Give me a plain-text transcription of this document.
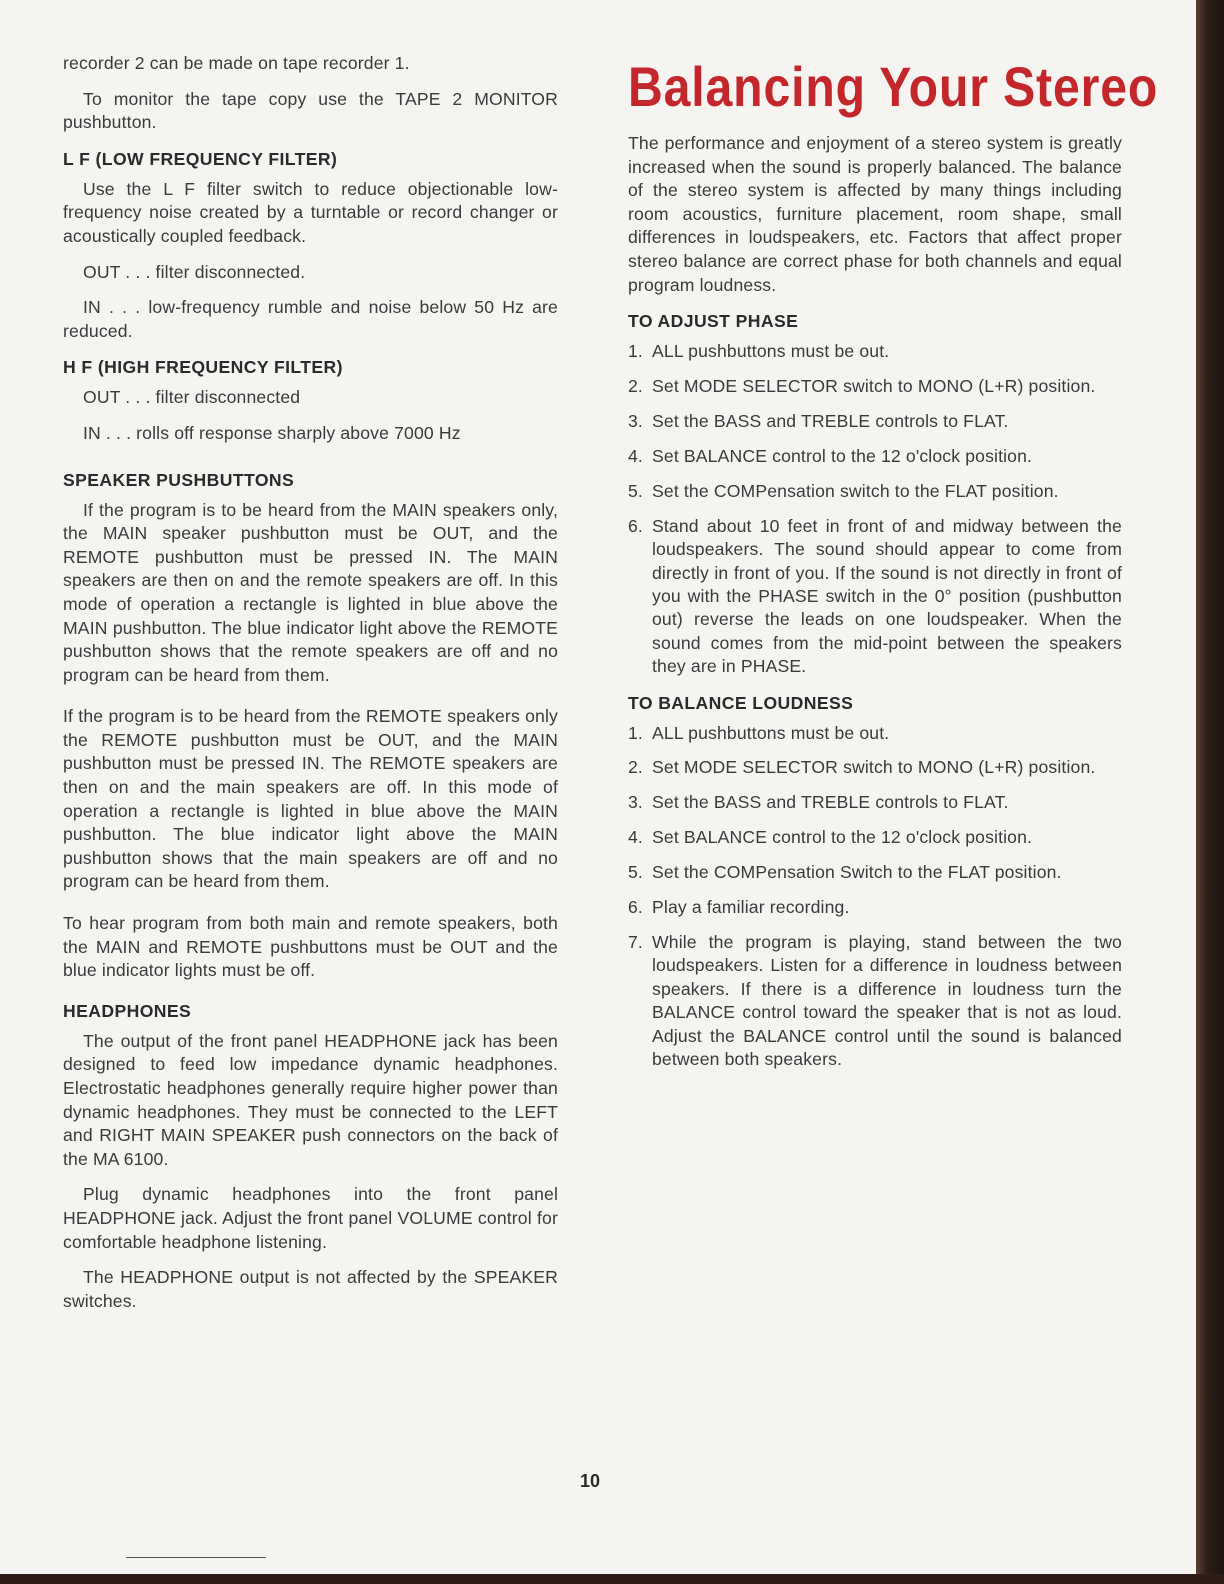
recorder 2 can be made on tape recorder 1.

To monitor the tape copy use the TAPE 2 MONITOR pushbutton.

L F (LOW FREQUENCY FILTER)

Use the L F filter switch to reduce objectionable low-frequency noise created by a turntable or record changer or acoustically coupled feedback.

OUT . . . filter disconnected.

IN . . . low-frequency rumble and noise below 50 Hz are reduced.

H F (HIGH FREQUENCY FILTER)

OUT . . . filter disconnected

IN . . . rolls off response sharply above 7000 Hz

SPEAKER PUSHBUTTONS

If the program is to be heard from the MAIN speakers only, the MAIN speaker pushbutton must be OUT, and the REMOTE pushbutton must be pressed IN. The MAIN speakers are then on and the remote speakers are off. In this mode of operation a rectangle is lighted in blue above the MAIN pushbutton. The blue indicator light above the REMOTE pushbutton shows that the remote speakers are off and no program can be heard from them.

If the program is to be heard from the REMOTE speakers only the REMOTE pushbutton must be OUT, and the MAIN pushbutton must be pressed IN. The REMOTE speakers are then on and the main speakers are off. In this mode of operation a rectangle is lighted in blue above the MAIN pushbutton. The blue indicator light above the MAIN pushbutton shows that the main speakers are off and no program can be heard from them.

To hear program from both main and remote speakers, both the MAIN and REMOTE pushbuttons must be OUT and the blue indicator lights must be off.

HEADPHONES

The output of the front panel HEADPHONE jack has been designed to feed low impedance dynamic headphones. Electrostatic headphones generally require higher power than dynamic headphones. They must be connected to the LEFT and RIGHT MAIN SPEAKER push connectors on the back of the MA 6100.

Plug dynamic headphones into the front panel HEADPHONE jack. Adjust the front panel VOLUME control for comfortable headphone listening.

The HEADPHONE output is not affected by the SPEAKER switches.

Balancing Your Stereo

The performance and enjoyment of a stereo system is greatly increased when the sound is properly balanced. The balance of the stereo system is affected by many things including room acoustics, furniture placement, room shape, small differences in loudspeakers, etc. Factors that affect proper stereo balance are correct phase for both channels and equal program loudness.

TO ADJUST PHASE
1. ALL pushbuttons must be out.
2. Set MODE SELECTOR switch to MONO (L+R) position.
3. Set the BASS and TREBLE controls to FLAT.
4. Set BALANCE control to the 12 o'clock position.
5. Set the COMPensation switch to the FLAT position.
6. Stand about 10 feet in front of and midway between the loudspeakers. The sound should appear to come from directly in front of you. If the sound is not directly in front of you with the PHASE switch in the 0° position (pushbutton out) reverse the leads on one loudspeaker. When the sound comes from the mid-point between the speakers they are in PHASE.
TO BALANCE LOUDNESS
1. ALL pushbuttons must be out.
2. Set MODE SELECTOR switch to MONO (L+R) position.
3. Set the BASS and TREBLE controls to FLAT.
4. Set BALANCE control to the 12 o'clock position.
5. Set the COMPensation Switch to the FLAT position.
6. Play a familiar recording.
7. While the program is playing, stand between the two loudspeakers. Listen for a difference in loudness between speakers. If there is a difference in loudness turn the BALANCE control toward the speaker that is not as loud. Adjust the BALANCE control until the sound is balanced between both speakers.
10
